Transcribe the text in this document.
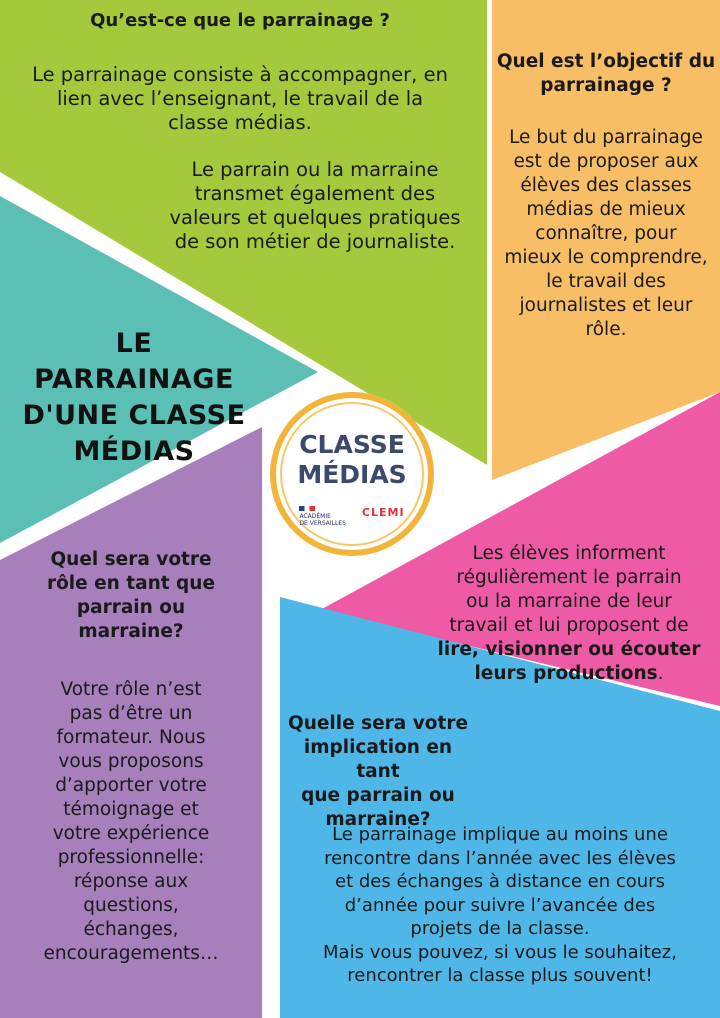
LE PARRAINAGE
D'UNE CLASSE
MÉDIAS	CLASSE
MÉDIAS

ACADÉMIE
DE VERSAILLES
CLEMI
Qu’est-ce que le parrainage ?
Le parrainage consiste à accompagner, en
lien avec l’enseignant, le travail de la
classe médias.
Le parrain ou la marraine
transmet également des
valeurs et quelques pratiques
de son métier de journaliste.
Quel est l’objectif du
parrainage ?
Le but du parrainage
est de proposer aux
élèves des classes
médias de mieux
connaître, pour
mieux le comprendre,
le travail des
journalistes et leur
rôle.
Quel sera votre
rôle en tant que
parrain ou
marraine?
Votre rôle n’est
pas d’être un
formateur. Nous
vous proposons
d’apporter votre
témoignage et
votre expérience
professionnelle:
réponse aux
questions,
échanges,
encouragements…
Les élèves informent
régulièrement le parrain
ou la marraine de leur
travail et lui proposent de
lire, visionner ou écouter
leurs productions.
Quelle sera votre
implication en tant
que parrain ou
marraine?
Le parrainage implique au moins une
rencontre dans l’année avec les élèves
et des échanges à distance en cours
d’année pour suivre l’avancée des
projets de la classe.
Mais vous pouvez, si vous le souhaitez,
rencontrer la classe plus souvent!
